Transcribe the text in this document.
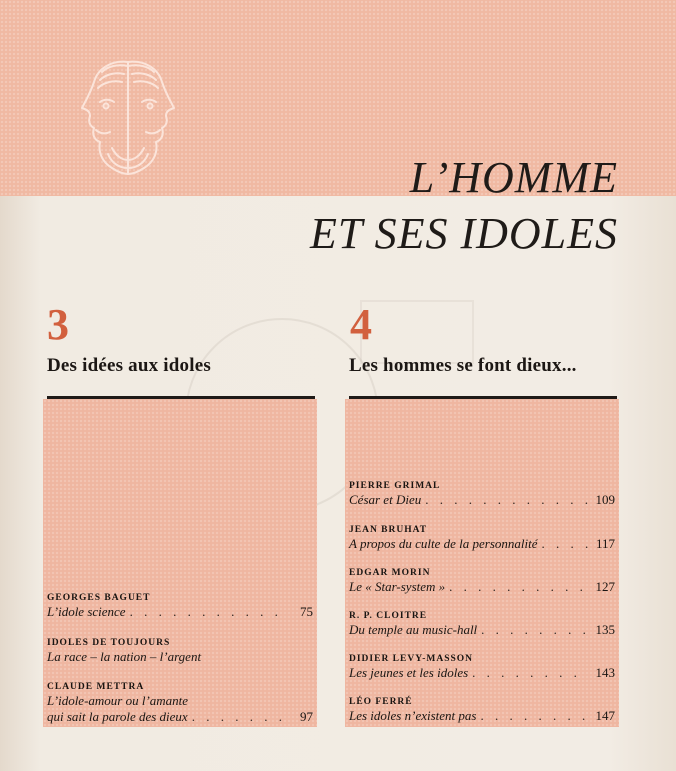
L’HOMME
ET SES IDOLES
3
Des idées aux idoles
GEORGES BAGUET
L’idole science . . .	75
IDOLES DE TOUJOURS
La race – la nation – l’argent
CLAUDE METTRA
L’idole-amour ou l’amante
qui sait la parole des dieux . . .	97
4
Les hommes se font dieux...
PIERRE GRIMAL
César et Dieu . . .	109
JEAN BRUHAT
A propos du culte de la personnalité . . .	117
EDGAR MORIN
Le « Star-system » . . .	127
R. P. CLOITRE
Du temple au music-hall . . .	135
DIDIER LEVY-MASSON
Les jeunes et les idoles . . .	143
LÉO FERRÉ
Les idoles n’existent pas . . .	147
